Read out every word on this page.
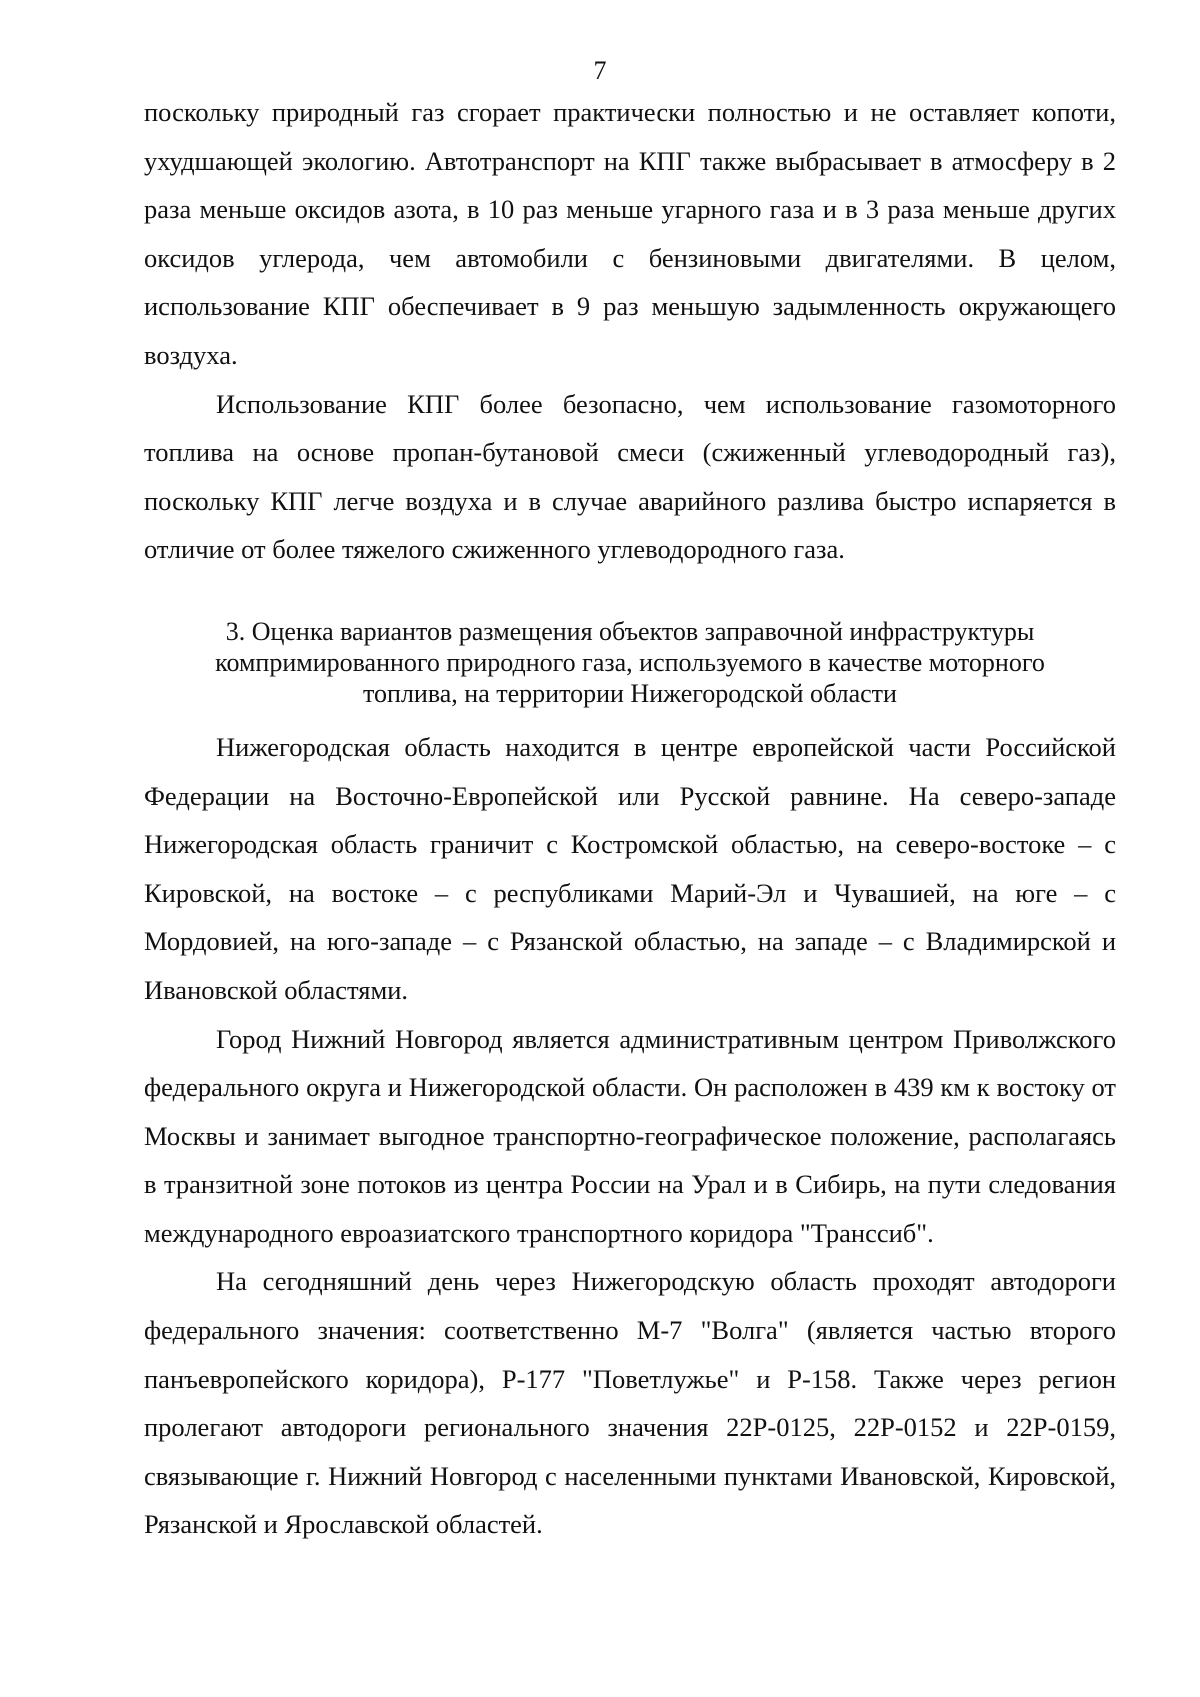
7

поскольку природный газ сгорает практически полностью и не оставляет копоти, ухудшающей экологию. Автотранспорт на КПГ также выбрасывает в атмосферу в 2 раза меньше оксидов азота, в 10 раз меньше угарного газа и в 3 раза меньше других оксидов углерода, чем автомобили с бензиновыми двигателями. В целом, использование КПГ обеспечивает в 9 раз меньшую задымленность окружающего воздуха.

Использование КПГ более безопасно, чем использование газомоторного топлива на основе пропан-бутановой смеси (сжиженный углеводородный газ), поскольку КПГ легче воздуха и в случае аварийного разлива быстро испаряется в отличие от более тяжелого сжиженного углеводородного газа.

3. Оценка вариантов размещения объектов заправочной инфраструктуры
компримированного природного газа, используемого в качестве моторного
топлива, на территории Нижегородской области

Нижегородская область находится в центре европейской части Российской Федерации на Восточно-Европейской или Русской равнине. На северо-западе Нижегородская область граничит с Костромской областью, на северо-востоке – с Кировской, на востоке – с республиками Марий-Эл и Чувашией, на юге – с Мордовией, на юго-западе – с Рязанской областью, на западе – с Владимирской и Ивановской областями.

Город Нижний Новгород является административным центром Приволжского федерального округа и Нижегородской области. Он расположен в 439 км к востоку от Москвы и занимает выгодное транспортно-географическое положение, располагаясь в транзитной зоне потоков из центра России на Урал и в Сибирь, на пути следования международного евроазиатского транспортного коридора "Транссиб".

На сегодняшний день через Нижегородскую область проходят автодороги федерального значения: соответственно М-7 "Волга" (является частью второго панъевропейского коридора), Р-177 "Поветлужье" и Р-158. Также через регион пролегают автодороги регионального значения 22Р-0125, 22Р-0152 и 22Р-0159, связывающие г. Нижний Новгород с населенными пунктами Ивановской, Кировской, Рязанской и Ярославской областей.
